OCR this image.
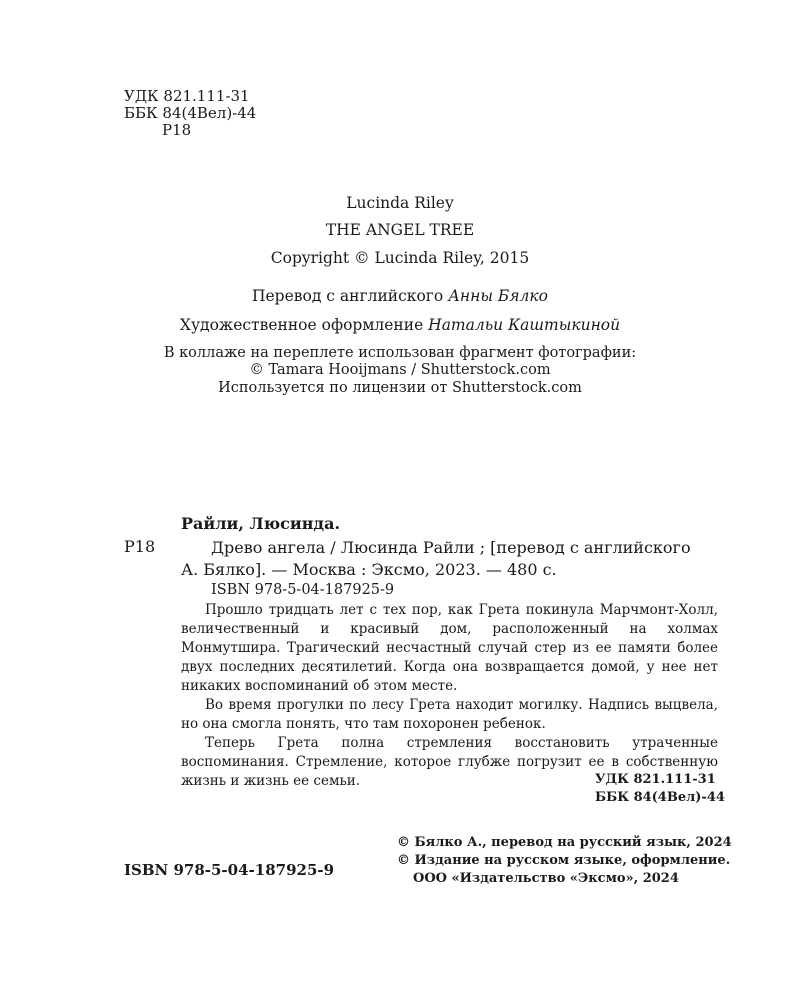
УДК 821.111-31
ББК 84(4Вел)-44
Р18
Lucinda Riley
THE ANGEL TREE
Copyright © Lucinda Riley, 2015
Перевод с английского Анны Бялко
Художественное оформление Натальи Каштыкиной
В коллаже на переплете использован фрагмент фотографии:
© Tamara Hooijmans / Shutterstock.com
Используется по лицензии от Shutterstock.com
Райли, Люсинда.
Р18	Древо ангела / Люсинда Райли ; [перевод с английского
А. Бялко]. — Москва : Эксмо, 2023. — 480 с.
ISBN 978-5-04-187925-9

Прошло тридцать лет с тех пор, как Грета покинула Марчмонт-Холл, величественный и красивый дом, расположенный на холмах Монмутшира. Трагический несчастный случай стер из ее памяти более двух последних десятилетий. Когда она возвращается домой, у нее нет никаких воспоминаний об этом месте.

Во время прогулки по лесу Грета находит могилку. Надпись выцвела, но она смогла понять, что там похоронен ребенок.

Теперь Грета полна стремления восстановить утраченные воспоминания. Стремление, которое глубже погрузит ее в собственную жизнь и жизнь ее семьи.	УДК 821.111-31
ББК 84(4Вел)-44
ISBN 978-5-04-187925-9
© Бялко А., перевод на русский язык, 2024
© Издание на русском языке, оформление.
ООО «Издательство «Эксмо», 2024
